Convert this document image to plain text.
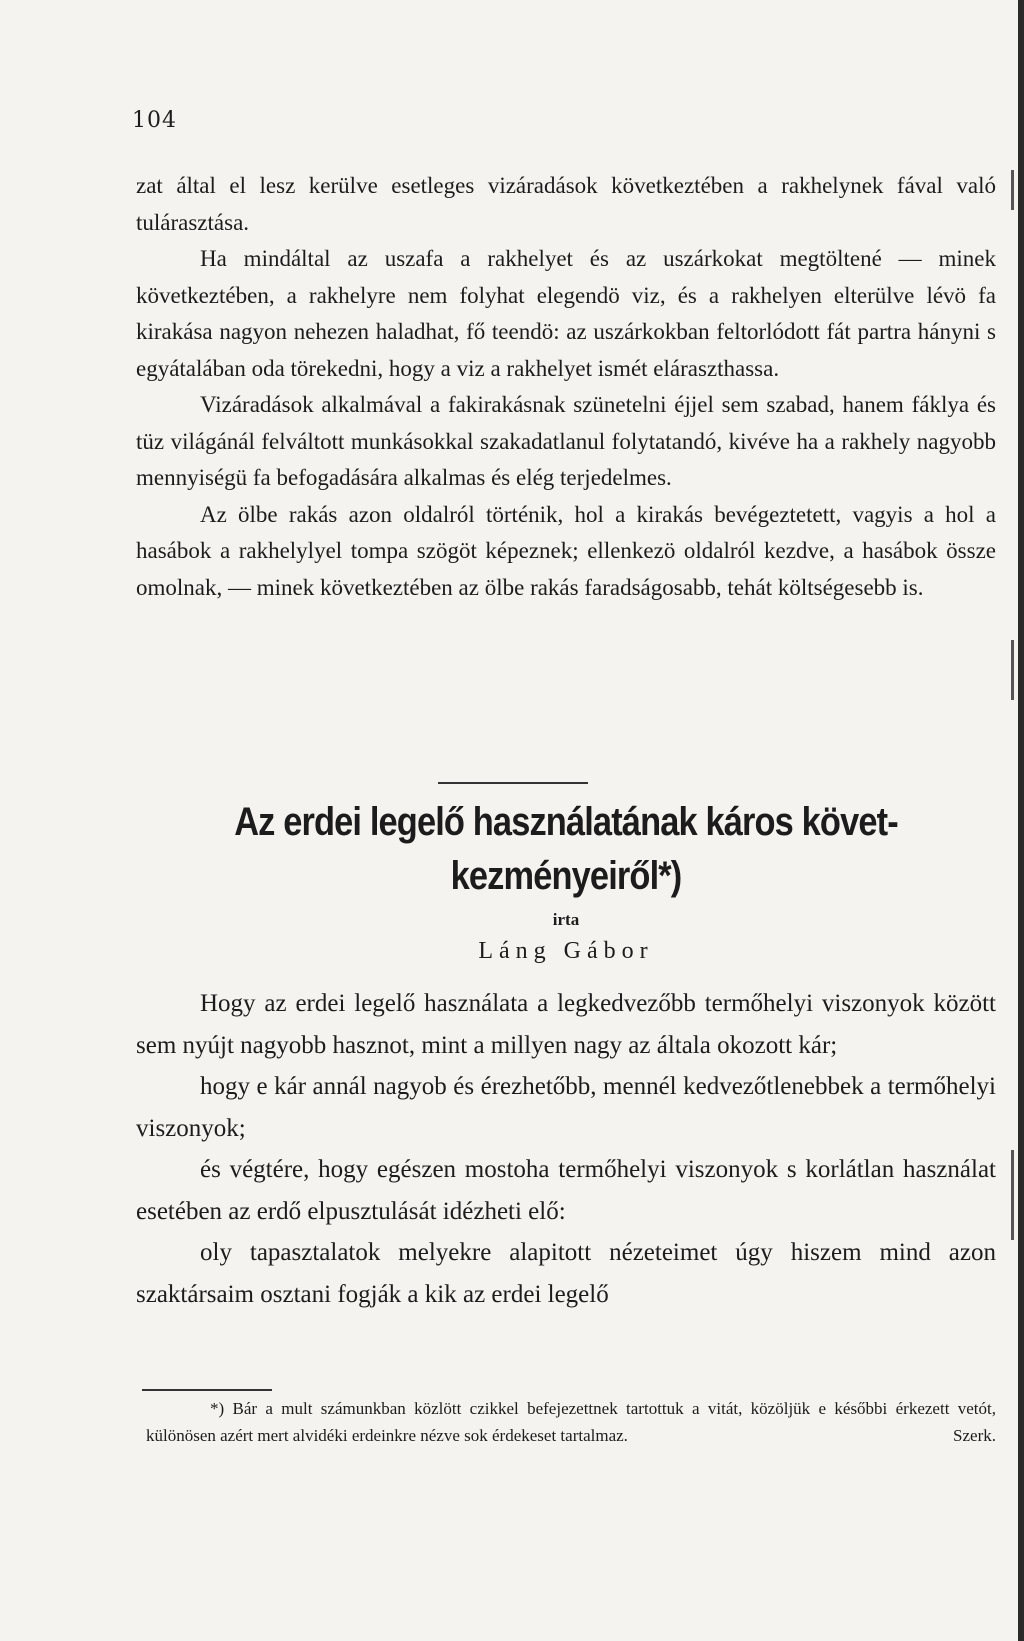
104

zat által el lesz kerülve esetleges vizáradások következtében a rakhelynek fával való tulárasztása.

Ha mindáltal az uszafa a rakhelyet és az uszárkokat megtöltené — minek következtében, a rakhelyre nem folyhat elegendö viz, és a rakhelyen elterülve lévö fa kirakása nagyon nehezen haladhat, fő teendö: az uszárkokban feltorlódott fát partra hányni s egyátalában oda törekedni, hogy a viz a rakhelyet ismét eláraszthassa.

Vizáradások alkalmával a fakirakásnak szünetelni éjjel sem szabad, hanem fáklya és tüz világánál felváltott munkásokkal szakadatlanul folytatandó, kivéve ha a rakhely nagyobb mennyiségü fa befogadására alkalmas és elég terjedelmes.

Az ölbe rakás azon oldalról történik, hol a kirakás bevégeztetett, vagyis a hol a hasábok a rakhelylyel tompa szögöt képeznek; ellenkezö oldalról kezdve, a hasábok össze omolnak, — minek következtében az ölbe rakás faradságosabb, tehát költségesebb is.

Az erdei legelő használatának káros követ-
kezményeiről*)
irta
Láng Gábor

Hogy az erdei legelő használata a legkedvezőbb termőhelyi viszonyok között sem nyújt nagyobb hasznot, mint a millyen nagy az általa okozott kár;

hogy e kár annál nagyob és érezhetőbb, mennél kedvezőtlenebbek a termőhelyi viszonyok;

és végtére, hogy egészen mostoha termőhelyi viszonyok s korlátlan használat esetében az erdő elpusztulását idézheti elő:

oly tapasztalatok melyekre alapitott nézeteimet úgy hiszem mind azon szaktársaim osztani fogják a kik az erdei legelő

*) Bár a mult számunkban közlött czikkel befejezettnek tartottuk a vitát, közöljük e későbbi érkezett vetót, különösen azért mert alvidéki erdeinkre nézve sok érdekeset tartalmaz.	Szerk.
